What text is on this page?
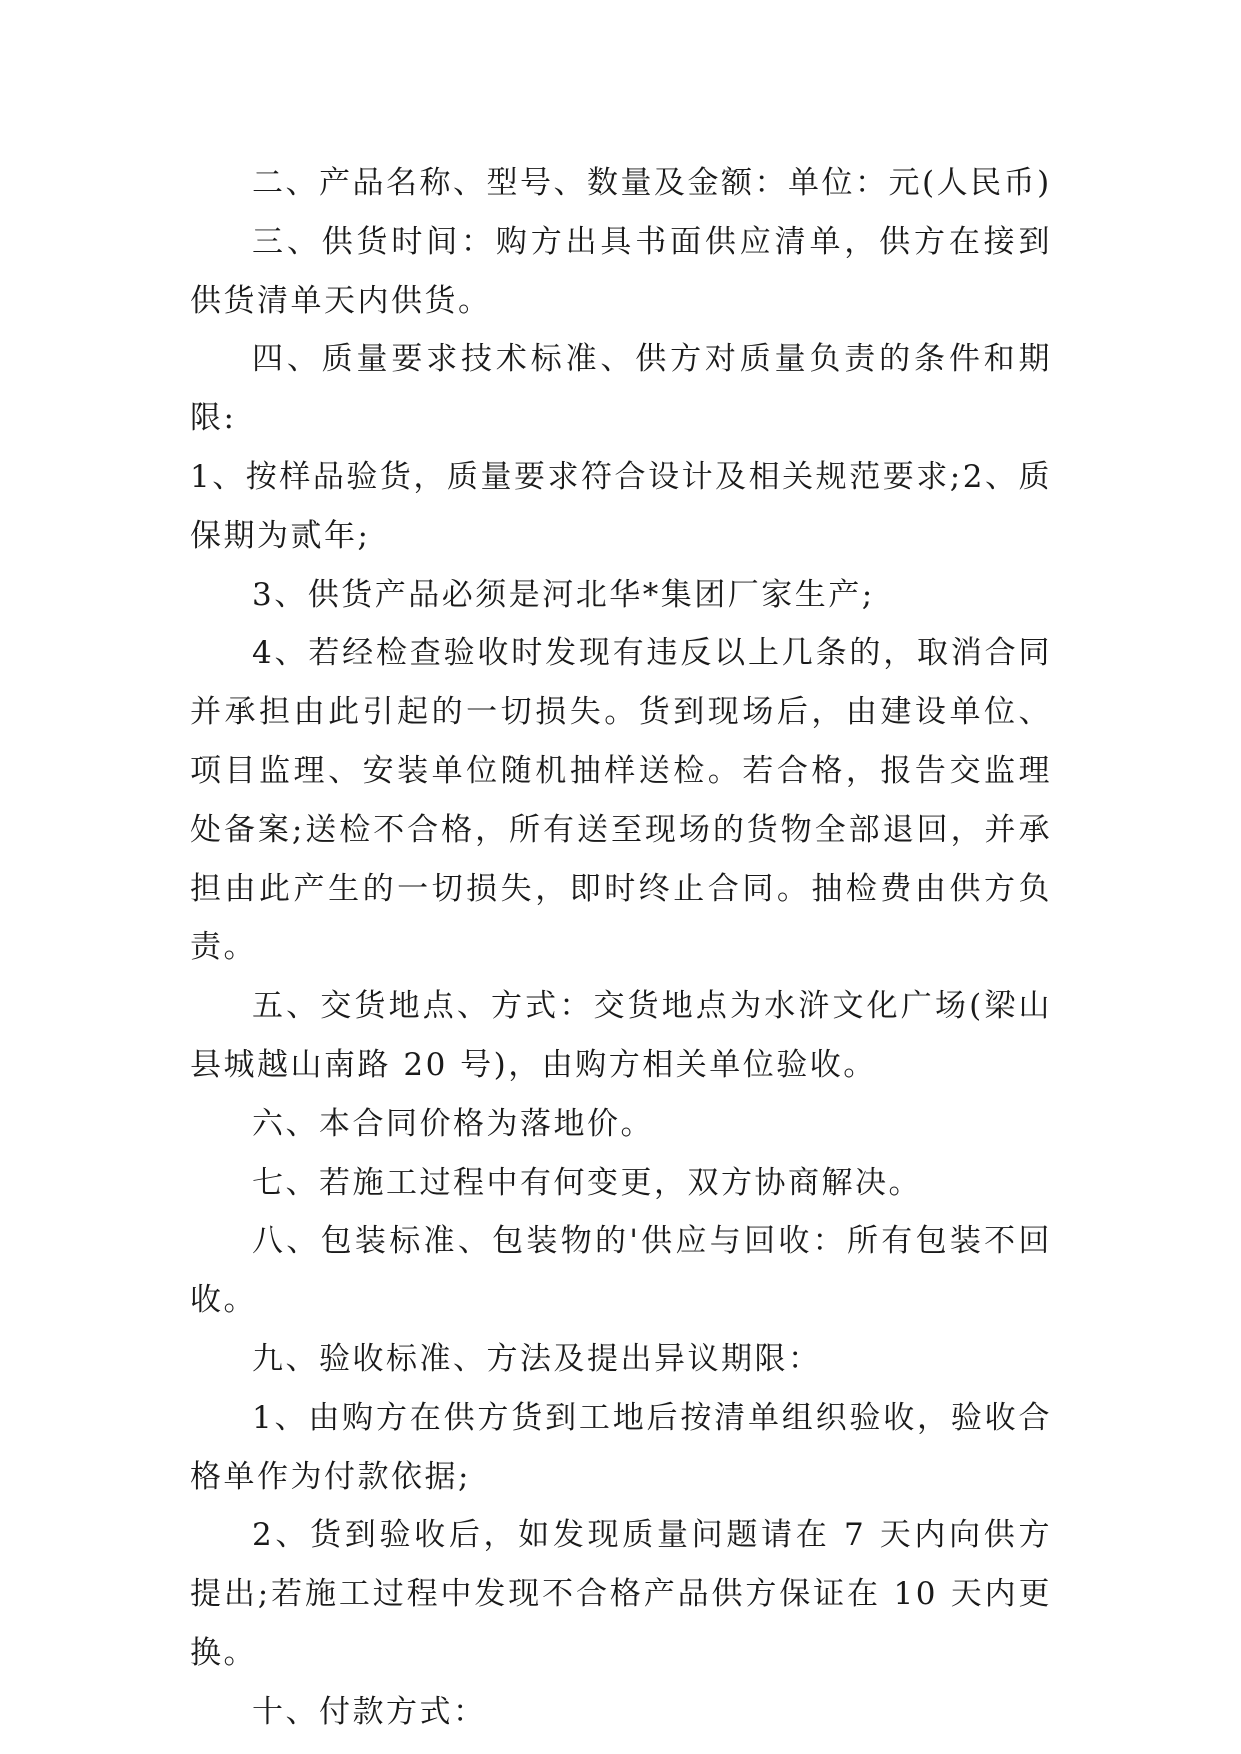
二、产品名称、型号、数量及金额：单位：元(人民币)

三、供货时间：购方出具书面供应清单，供方在接到供货清单天内供货。

四、质量要求技术标准、供方对质量负责的条件和期限:

1、按样品验货，质量要求符合设计及相关规范要求;2、质保期为贰年;

3、供货产品必须是河北华*集团厂家生产;

4、若经检查验收时发现有违反以上几条的，取消合同并承担由此引起的一切损失。货到现场后，由建设单位、项目监理、安装单位随机抽样送检。若合格，报告交监理处备案;送检不合格，所有送至现场的货物全部退回，并承担由此产生的一切损失，即时终止合同。抽检费由供方负责。

五、交货地点、方式：交货地点为水浒文化广场(梁山县城越山南路 20 号)，由购方相关单位验收。

六、本合同价格为落地价。

七、若施工过程中有何变更，双方协商解决。

八、包装标准、包装物的'供应与回收：所有包装不回收。

九、验收标准、方法及提出异议期限：

1、由购方在供方货到工地后按清单组织验收，验收合格单作为付款依据;

2、货到验收后，如发现质量问题请在 7 天内向供方提出;若施工过程中发现不合格产品供方保证在 10 天内更换。

十、付款方式：
